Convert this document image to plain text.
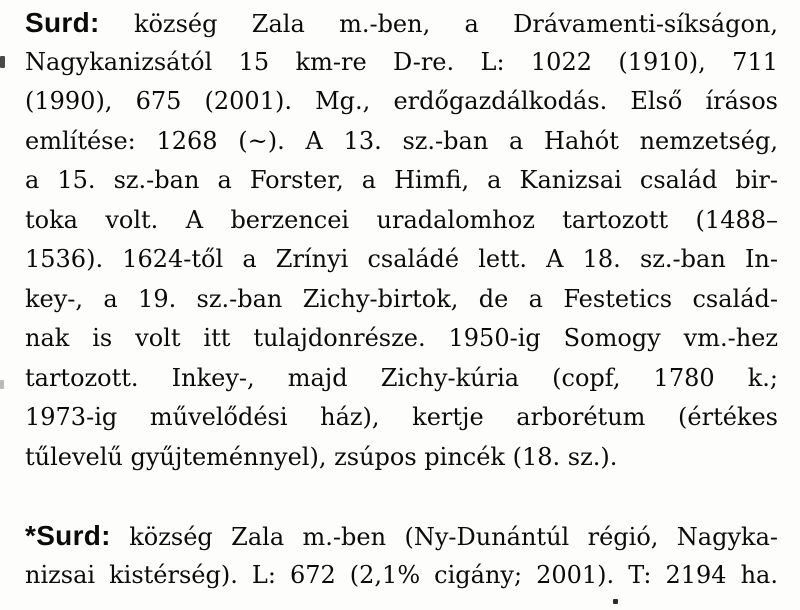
Surd: község Zala m.-ben, a Drávamenti-síkságon,
Nagykanizsától 15 km-re D-re. L: 1022 (1910), 711
(1990), 675 (2001). Mg., erdőgazdálkodás. Első írásos
említése: 1268 (~). A 13. sz.-ban a Hahót nemzetség,
a 15. sz.-ban a Forster, a Himfi, a Kanizsai család bir-
toka volt. A berzencei uradalomhoz tartozott (1488–
1536). 1624-től a Zrínyi családé lett. A 18. sz.-ban In-
key-, a 19. sz.-ban Zichy-birtok, de a Festetics család-
nak is volt itt tulajdonrésze. 1950-ig Somogy vm.-hez
tartozott. Inkey-, majd Zichy-kúria (copf, 1780 k.;
1973-ig művelődési ház), kertje arborétum (értékes
tűlevelű gyűjteménnyel), zsúpos pincék (18. sz.).
*Surd: község Zala m.-ben (Ny-Dunántúl régió, Nagyka-
nizsai kistérség). L: 672 (2,1% cigány; 2001). T: 2194 ha.
